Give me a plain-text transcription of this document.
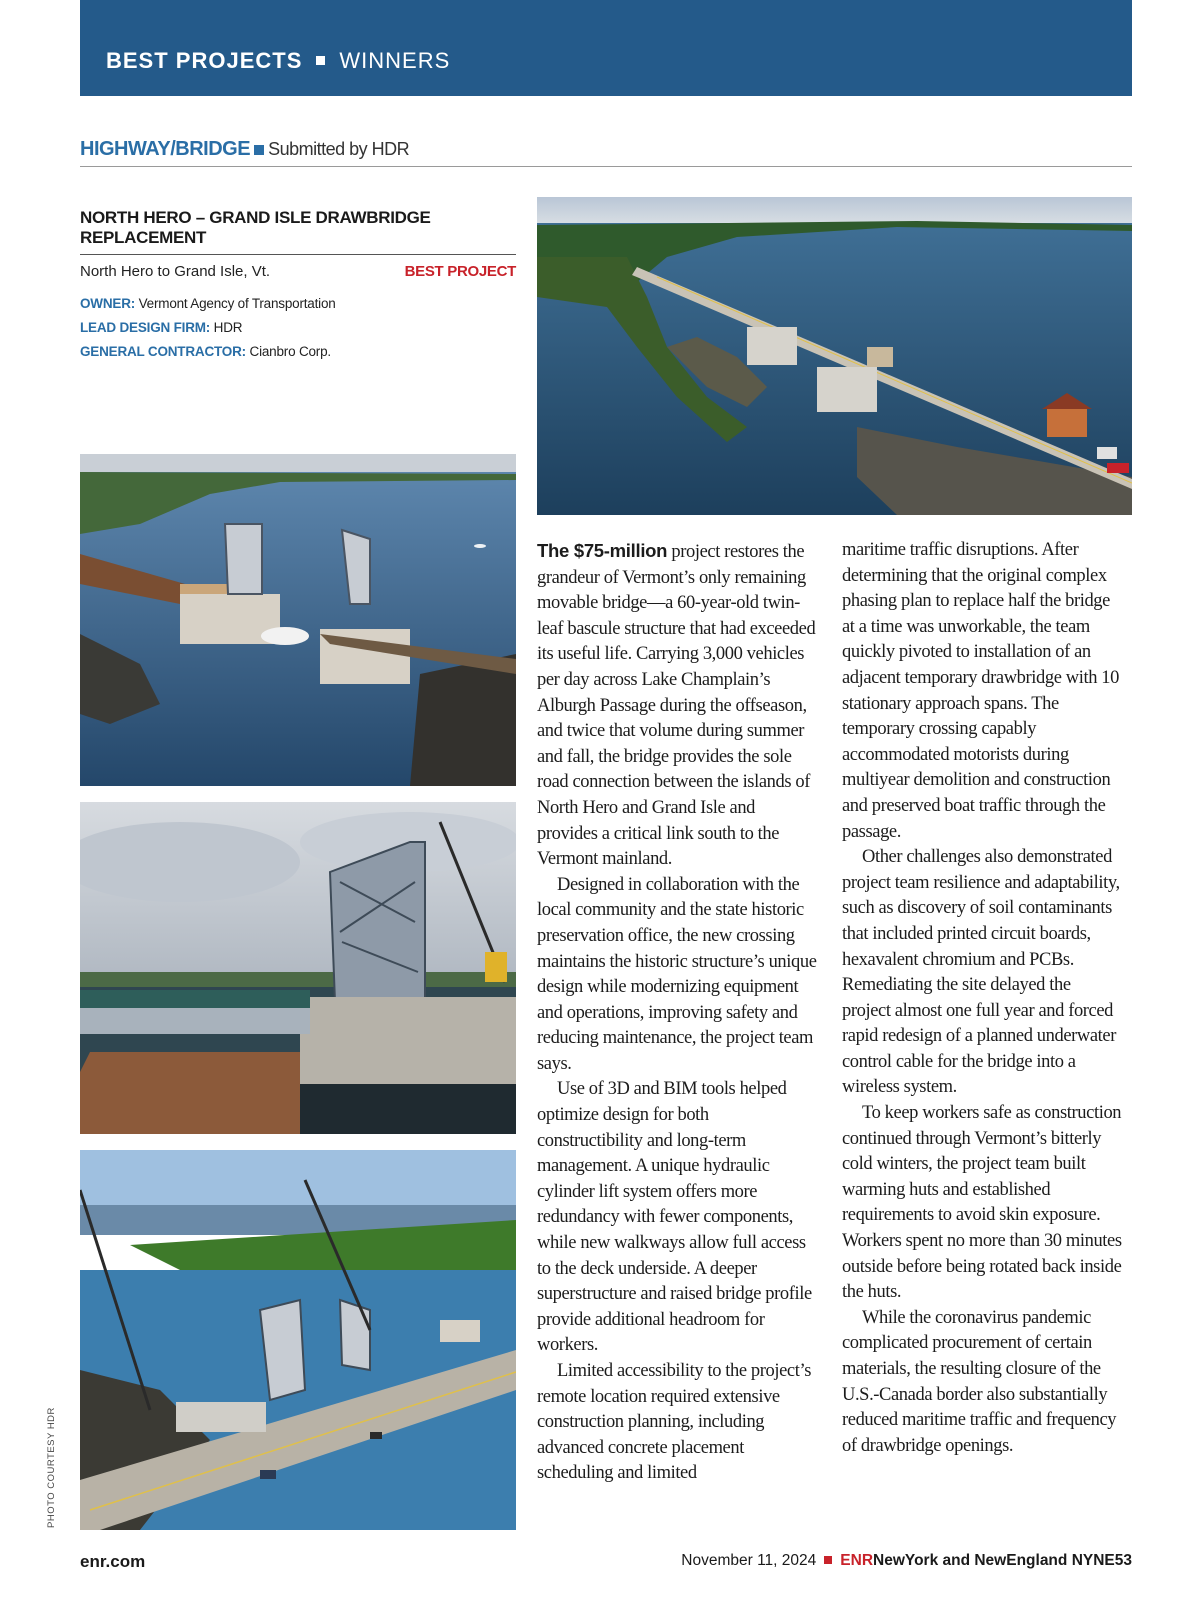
BEST PROJECTS WINNERS
HIGHWAY/BRIDGE Submitted by HDR
NORTH HERO – GRAND ISLE DRAWBRIDGE REPLACEMENT
North Hero to Grand Isle, Vt.	BEST PROJECT
OWNER: Vermont Agency of Transportation
LEAD DESIGN FIRM: HDR
GENERAL CONTRACTOR: Cianbro Corp.
PHOTO COURTESY HDR

The $75-million project restores the grandeur of Vermont’s only remaining movable bridge—a 60-year-old twin-leaf bascule structure that had exceeded its useful life. Carrying 3,000 vehicles per day across Lake Champlain’s Alburgh Passage during the offseason, and twice that volume during summer and fall, the bridge provides the sole road connection between the islands of North Hero and Grand Isle and provides a critical link south to the Vermont mainland.

Designed in collaboration with the local community and the state historic preservation office, the new crossing maintains the historic structure’s unique design while modernizing equipment and operations, improving safety and reducing maintenance, the project team says.

Use of 3D and BIM tools helped optimize design for both constructibility and long-term management. A unique hydraulic cylinder lift system offers more redundancy with fewer components, while new walkways allow full access to the deck underside. A deeper superstructure and raised bridge profile provide additional headroom for workers.

Limited accessibility to the project’s remote location required extensive construction planning, including advanced concrete placement scheduling and limited

maritime traffic disruptions. After determining that the original complex phasing plan to replace half the bridge at a time was unworkable, the team quickly pivoted to installation of an adjacent temporary drawbridge with 10 stationary approach spans. The temporary crossing capably accommodated motorists during multiyear demolition and construction and preserved boat traffic through the passage.

Other challenges also demonstrated project team resilience and adaptability, such as discovery of soil contaminants that included printed circuit boards, hexavalent chromium and PCBs. Remediating the site delayed the project almost one full year and forced rapid redesign of a planned underwater control cable for the bridge into a wireless system.

To keep workers safe as construction continued through Vermont’s bitterly cold winters, the project team built warming huts and established requirements to avoid skin exposure. Workers spent no more than 30 minutes outside before being rotated back inside the huts.

While the coronavirus pandemic complicated procurement of certain materials, the resulting closure of the U.S.-Canada border also substantially reduced maritime traffic and frequency of drawbridge openings.

enr.com	November 11, 2024 ENRNewYork and NewEngland NYNE53
